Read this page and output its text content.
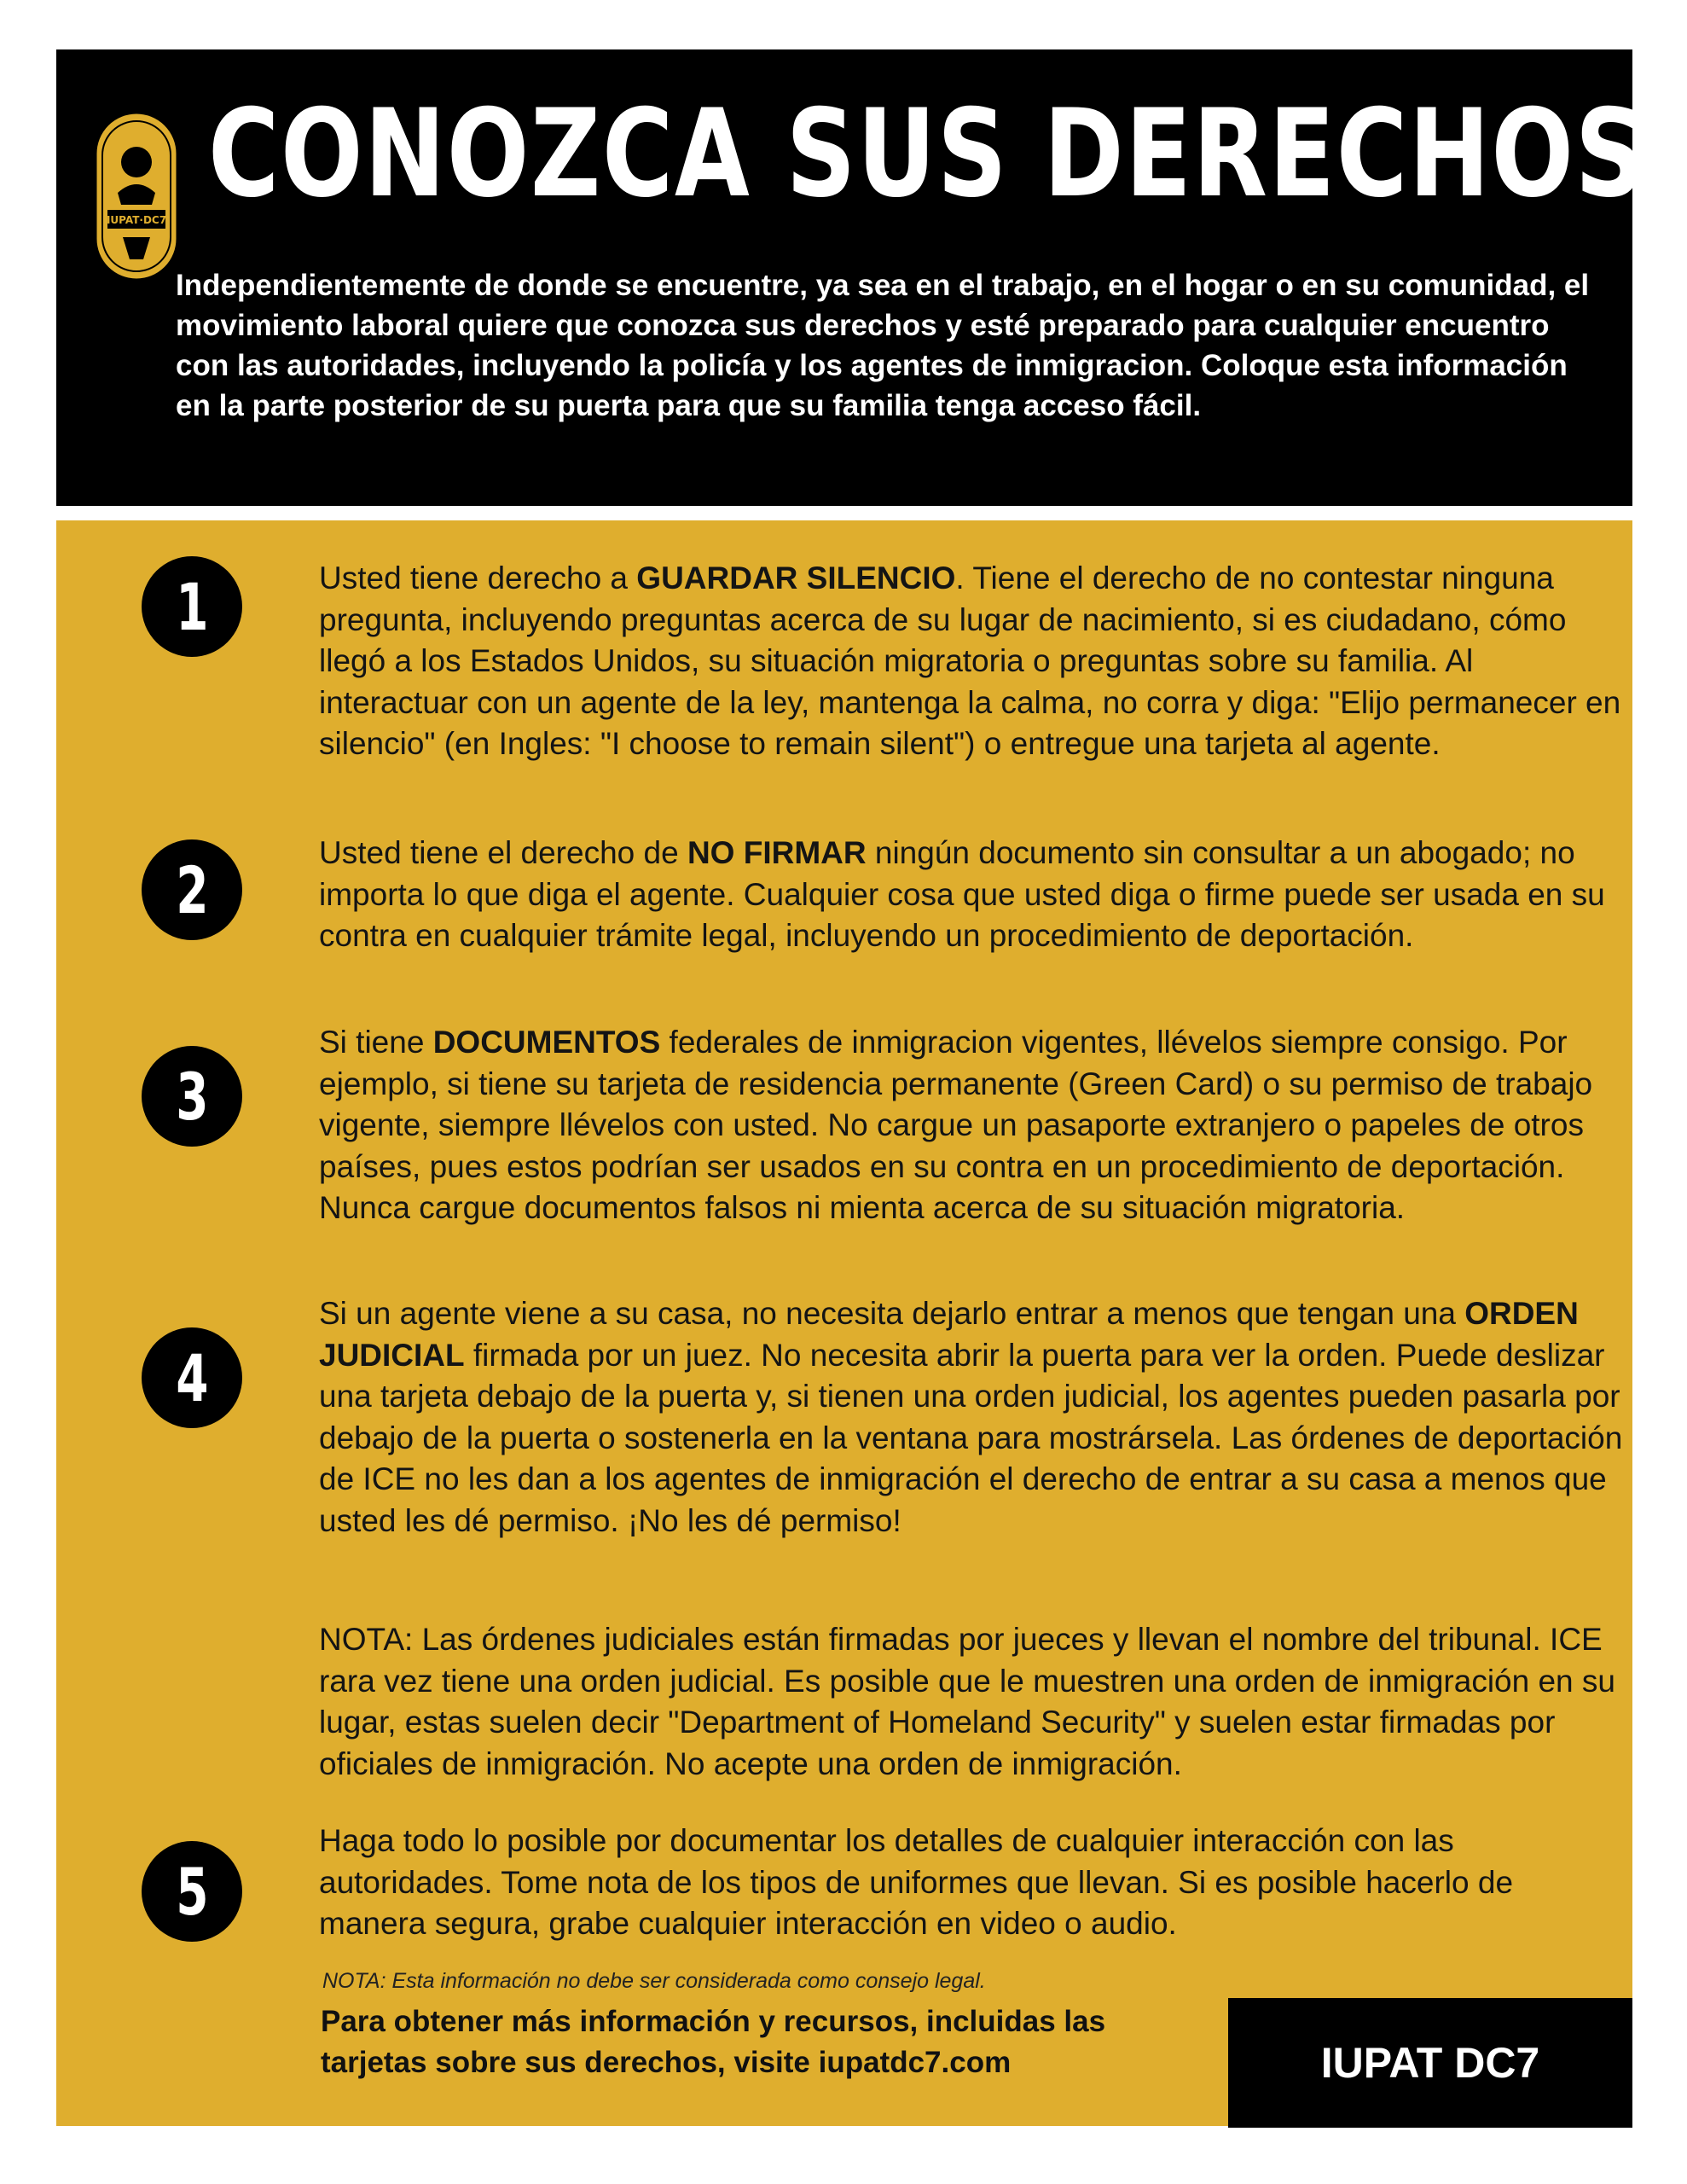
IUPAT·DC7 CONOZCA SUS DERECHOS
Independientemente de donde se encuentre, ya sea en el trabajo, en el hogar o en su comunidad, el movimiento laboral quiere que conozca sus derechos y esté preparado para cualquier encuentro con las autoridades, incluyendo la policía y los agentes de inmigracion. Coloque esta información en la parte posterior de su puerta para que su familia tenga acceso fácil.
1	Usted tiene derecho a GUARDAR SILENCIO. Tiene el derecho de no contestar ninguna pregunta, incluyendo preguntas acerca de su lugar de nacimiento, si es ciudadano, cómo llegó a los Estados Unidos, su situación migratoria o preguntas sobre su familia. Al interactuar con un agente de la ley, mantenga la calma, no corra y diga: "Elijo permanecer en silencio" (en Ingles: "I choose to remain silent") o entregue una tarjeta al agente.
2	Usted tiene el derecho de NO FIRMAR ningún documento sin consultar a un abogado; no importa lo que diga el agente. Cualquier cosa que usted diga o firme puede ser usada en su contra en cualquier trámite legal, incluyendo un procedimiento de deportación.
3
Si tiene DOCUMENTOS federales de inmigracion vigentes, llévelos siempre consigo. Por ejemplo, si tiene su tarjeta de residencia permanente (Green Card) o su permiso de trabajo vigente, siempre llévelos con usted. No cargue un pasaporte extranjero o papeles de otros países, pues estos podrían ser usados en su contra en un procedimiento de deportación. Nunca cargue documentos falsos ni mienta acerca de su situación migratoria.
4
Si un agente viene a su casa, no necesita dejarlo entrar a menos que tengan una ORDEN JUDICIAL firmada por un juez. No necesita abrir la puerta para ver la orden. Puede deslizar una tarjeta debajo de la puerta y, si tienen una orden judicial, los agentes pueden pasarla por debajo de la puerta o sostenerla en la ventana para mostrársela. Las órdenes de deportación de ICE no les dan a los agentes de inmigración el derecho de entrar a su casa a menos que usted les dé permiso. ¡No les dé permiso!
NOTA: Las órdenes judiciales están firmadas por jueces y llevan el nombre del tribunal. ICE rara vez tiene una orden judicial. Es posible que le muestren una orden de inmigración en su lugar, estas suelen decir "Department of Homeland Security" y suelen estar firmadas por oficiales de inmigración. No acepte una orden de inmigración.
5
Haga todo lo posible por documentar los detalles de cualquier interacción con las autoridades. Tome nota de los tipos de uniformes que llevan. Si es posible hacerlo de manera segura, grabe cualquier interacción en video o audio.
NOTA: Esta información no debe ser considerada como consejo legal.
Para obtener más información y recursos, incluidas las tarjetas sobre sus derechos, visite iupatdc7.com	IUPAT DC7
